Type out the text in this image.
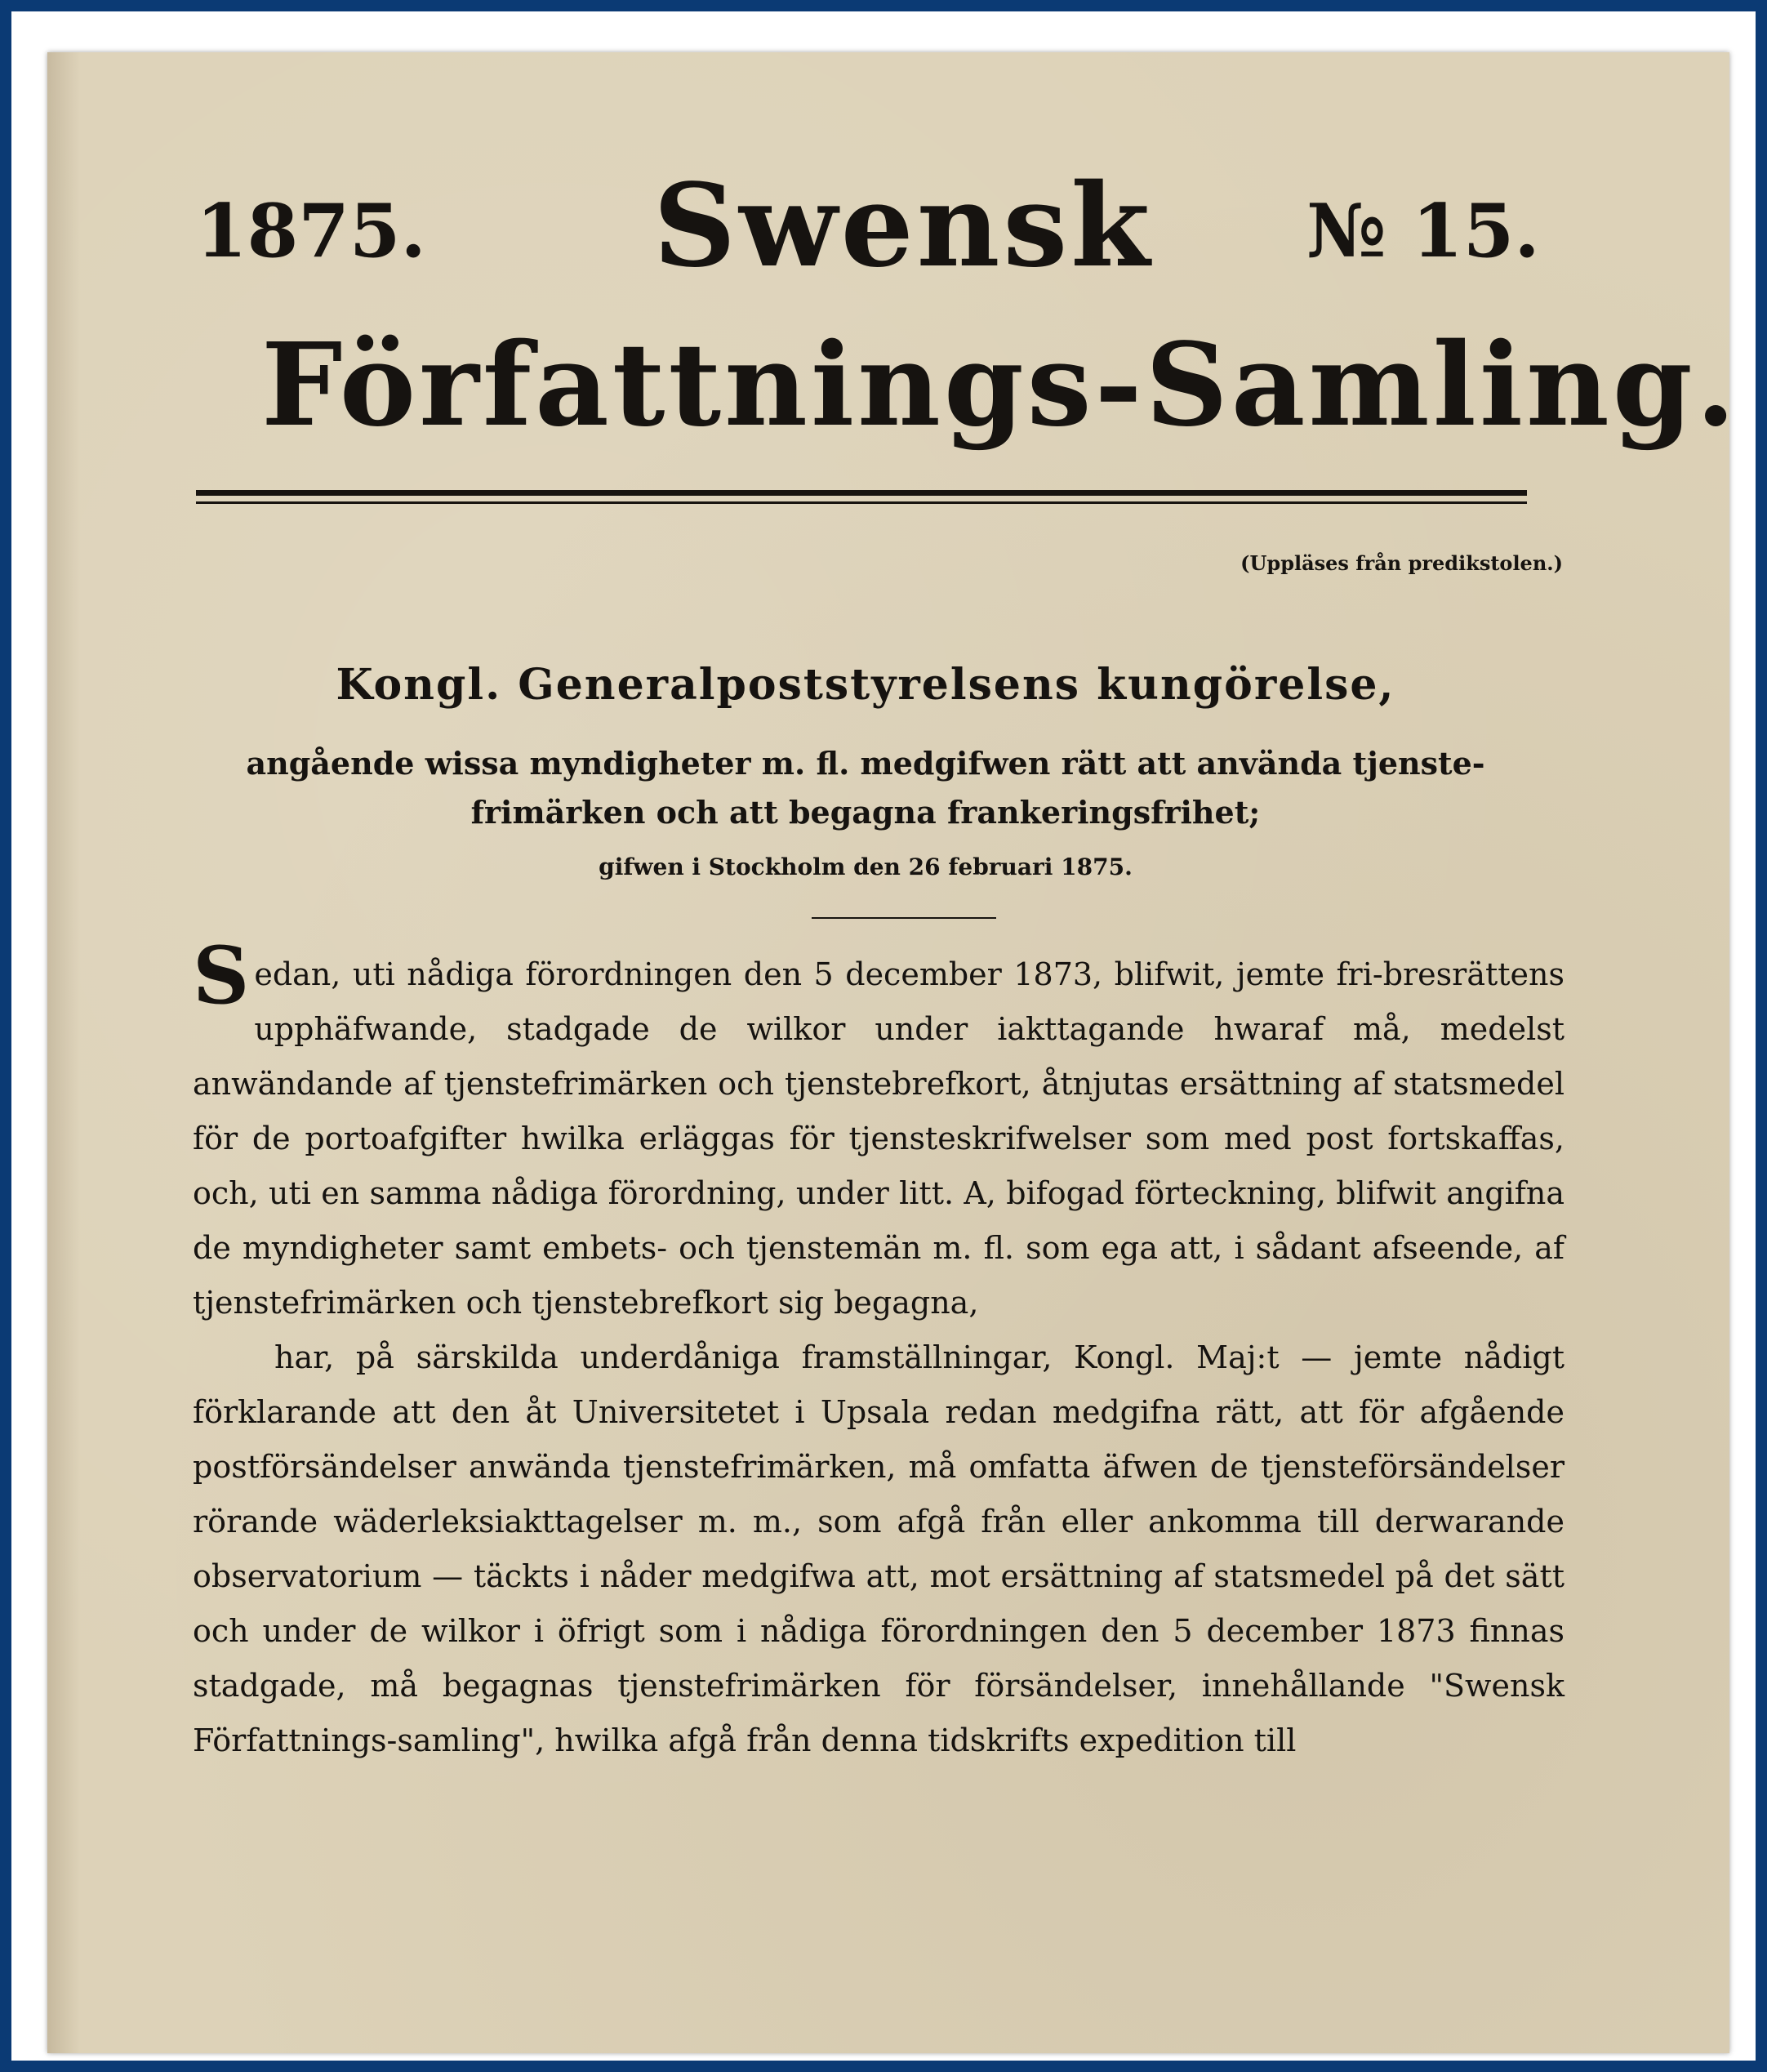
1875. Swensk № 15.
Författnings-Samling.
(Uppläses från predikstolen.)
Kongl. Generalpoststyrelsens kungörelse,
angående wissa myndigheter m. fl. medgifwen rätt att använda tjenste-frimärken och att begagna frankeringsfrihet;
gifwen i Stockholm den 26 februari 1875.

Sedan, uti nådiga förordningen den 5 december 1873, blifwit, jemte fri-bresrättens upphäfwande, stadgade de wilkor under iakttagande hwaraf må, medelst anwändande af tjenstefrimärken och tjenstebrefkort, åtnjutas ersättning af statsmedel för de portoafgifter hwilka erläggas för tjensteskrifwelser som med post fortskaffas, och, uti en samma nådiga förordning, under litt. A, bifogad förteckning, blifwit angifna de myndigheter samt embets- och tjenstemän m. fl. som ega att, i sådant afseende, af tjenstefrimärken och tjenstebrefkort sig begagna,

har, på särskilda underdåniga framställningar, Kongl. Maj:t — jemte nådigt förklarande att den åt Universitetet i Upsala redan medgifna rätt, att för afgående postförsändelser anwända tjenstefrimärken, må omfatta äfwen de tjensteförsändelser rörande wäderleksiakttagelser m. m., som afgå från eller ankomma till derwarande observatorium — täckts i nåder medgifwa att, mot ersättning af statsmedel på det sätt och under de wilkor i öfrigt som i nådiga förordningen den 5 december 1873 finnas stadgade, må begagnas tjenstefrimärken för försändelser, innehållande "Swensk Författnings-samling", hwilka afgå från denna tidskrifts expedition till
